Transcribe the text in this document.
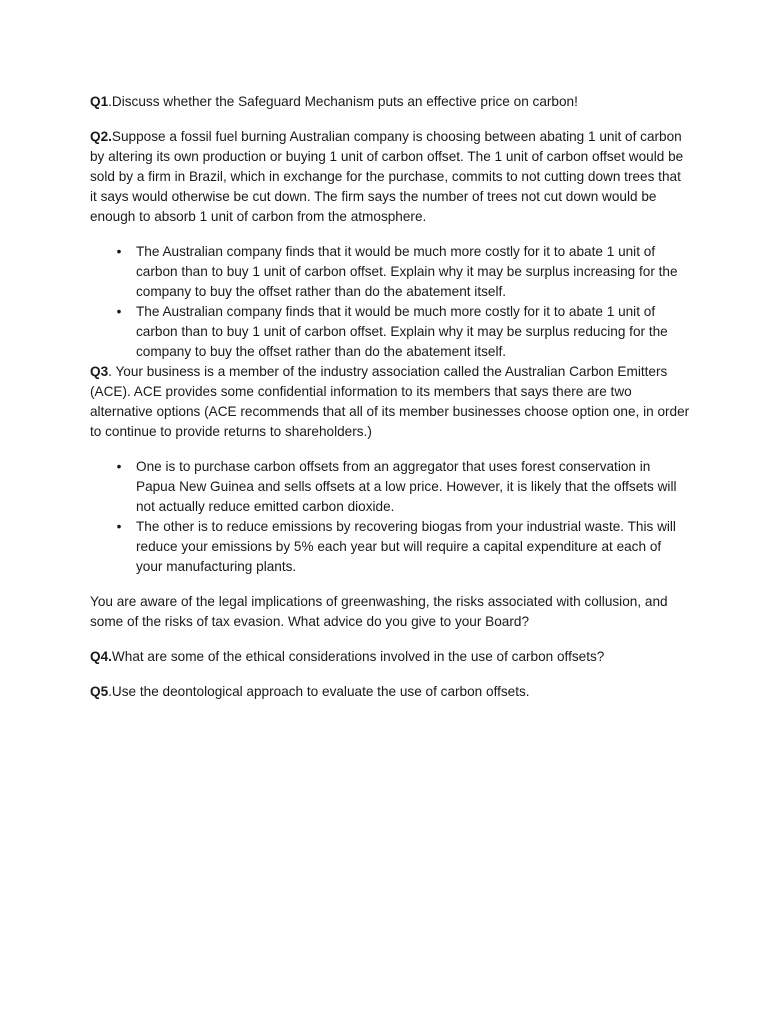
Q1.Discuss whether the Safeguard Mechanism puts an effective price on carbon!

Q2.Suppose a fossil fuel burning Australian company is choosing between abating 1 unit of carbon by altering its own production or buying 1 unit of carbon offset. The 1 unit of carbon offset would be sold by a firm in Brazil, which in exchange for the purchase, commits to not cutting down trees that it says would otherwise be cut down. The firm says the number of trees not cut down would be enough to absorb 1 unit of carbon from the atmosphere.

• The Australian company finds that it would be much more costly for it to abate 1 unit of carbon than to buy 1 unit of carbon offset. Explain why it may be surplus increasing for the company to buy the offset rather than do the abatement itself.
• The Australian company finds that it would be much more costly for it to abate 1 unit of carbon than to buy 1 unit of carbon offset. Explain why it may be surplus reducing for the company to buy the offset rather than do the abatement itself.

Q3. Your business is a member of the industry association called the Australian Carbon Emitters (ACE). ACE provides some confidential information to its members that says there are two alternative options (ACE recommends that all of its member businesses choose option one, in order to continue to provide returns to shareholders.)

• One is to purchase carbon offsets from an aggregator that uses forest conservation in Papua New Guinea and sells offsets at a low price. However, it is likely that the offsets will not actually reduce emitted carbon dioxide.
• The other is to reduce emissions by recovering biogas from your industrial waste. This will reduce your emissions by 5% each year but will require a capital expenditure at each of your manufacturing plants.

You are aware of the legal implications of greenwashing, the risks associated with collusion, and some of the risks of tax evasion. What advice do you give to your Board?

Q4.What are some of the ethical considerations involved in the use of carbon offsets?

Q5.Use the deontological approach to evaluate the use of carbon offsets.
